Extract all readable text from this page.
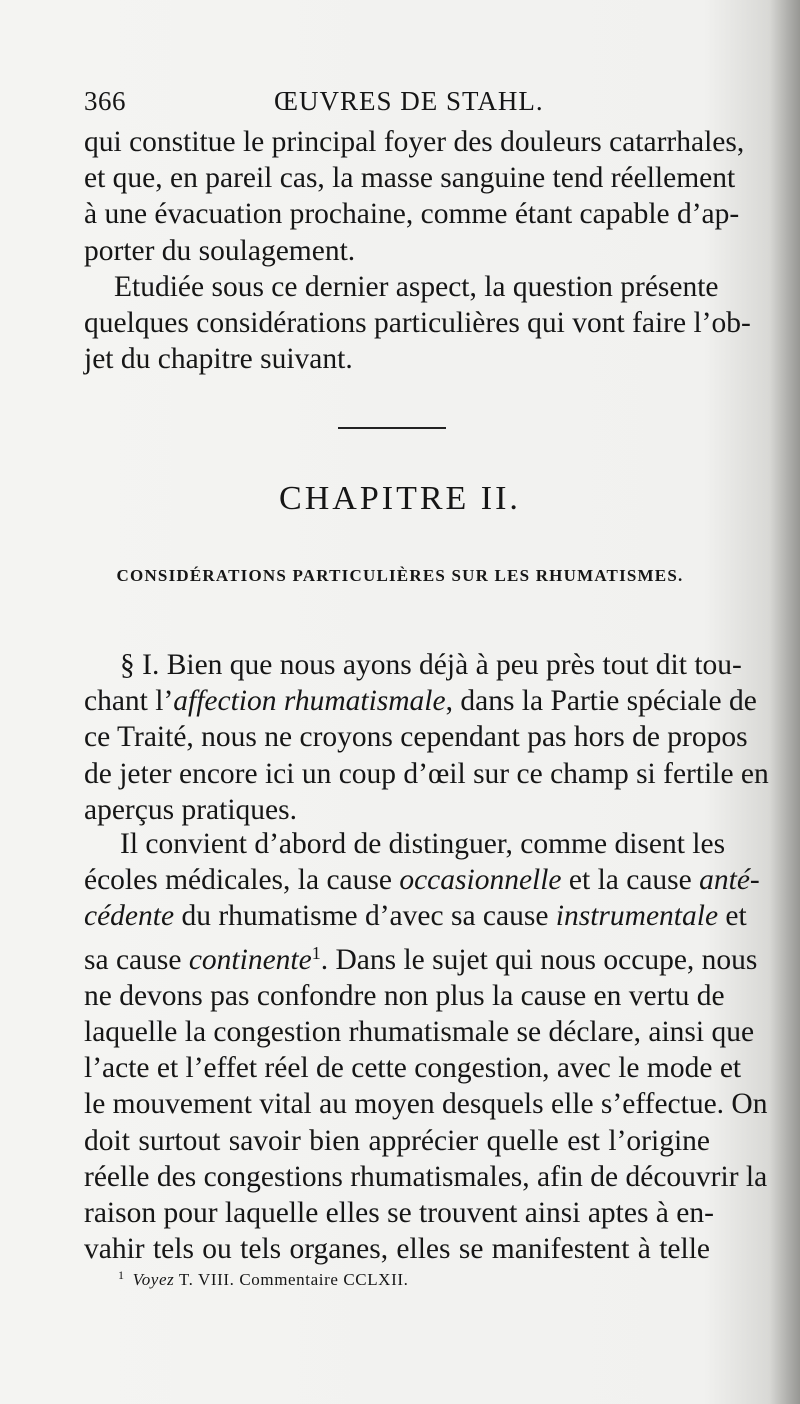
366	ŒUVRES DE STAHL.
qui constitue le principal foyer des douleurs catarrhales,
et que, en pareil cas, la masse sanguine tend réellement
à une évacuation prochaine, comme étant capable d’ap-
porter du soulagement.
Etudiée sous ce dernier aspect, la question présente
quelques considérations particulières qui vont faire l’ob-
jet du chapitre suivant.
CHAPITRE II.
CONSIDÉRATIONS PARTICULIÈRES SUR LES RHUMATISMES.
§ I. Bien que nous ayons déjà à peu près tout dit tou-
chant l’affection rhumatismale, dans la Partie spéciale de
ce Traité, nous ne croyons cependant pas hors de propos
de jeter encore ici un coup d’œil sur ce champ si fertile en
aperçus pratiques.
Il convient d’abord de distinguer, comme disent les
écoles médicales, la cause occasionnelle et la cause anté-
cédente du rhumatisme d’avec sa cause instrumentale et
sa cause continente$^1$. Dans le sujet qui nous occupe, nous
ne devons pas confondre non plus la cause en vertu de
laquelle la congestion rhumatismale se déclare, ainsi que
l’acte et l’effet réel de cette congestion, avec le mode et
le mouvement vital au moyen desquels elle s’effectue. On
doit surtout savoir bien apprécier quelle est l’origine
réelle des congestions rhumatismales, afin de découvrir la
raison pour laquelle elles se trouvent ainsi aptes à en-
vahir tels ou tels organes, elles se manifestent à telle
$^1$ Voyez T. VIII. Commentaire CCLXII.
